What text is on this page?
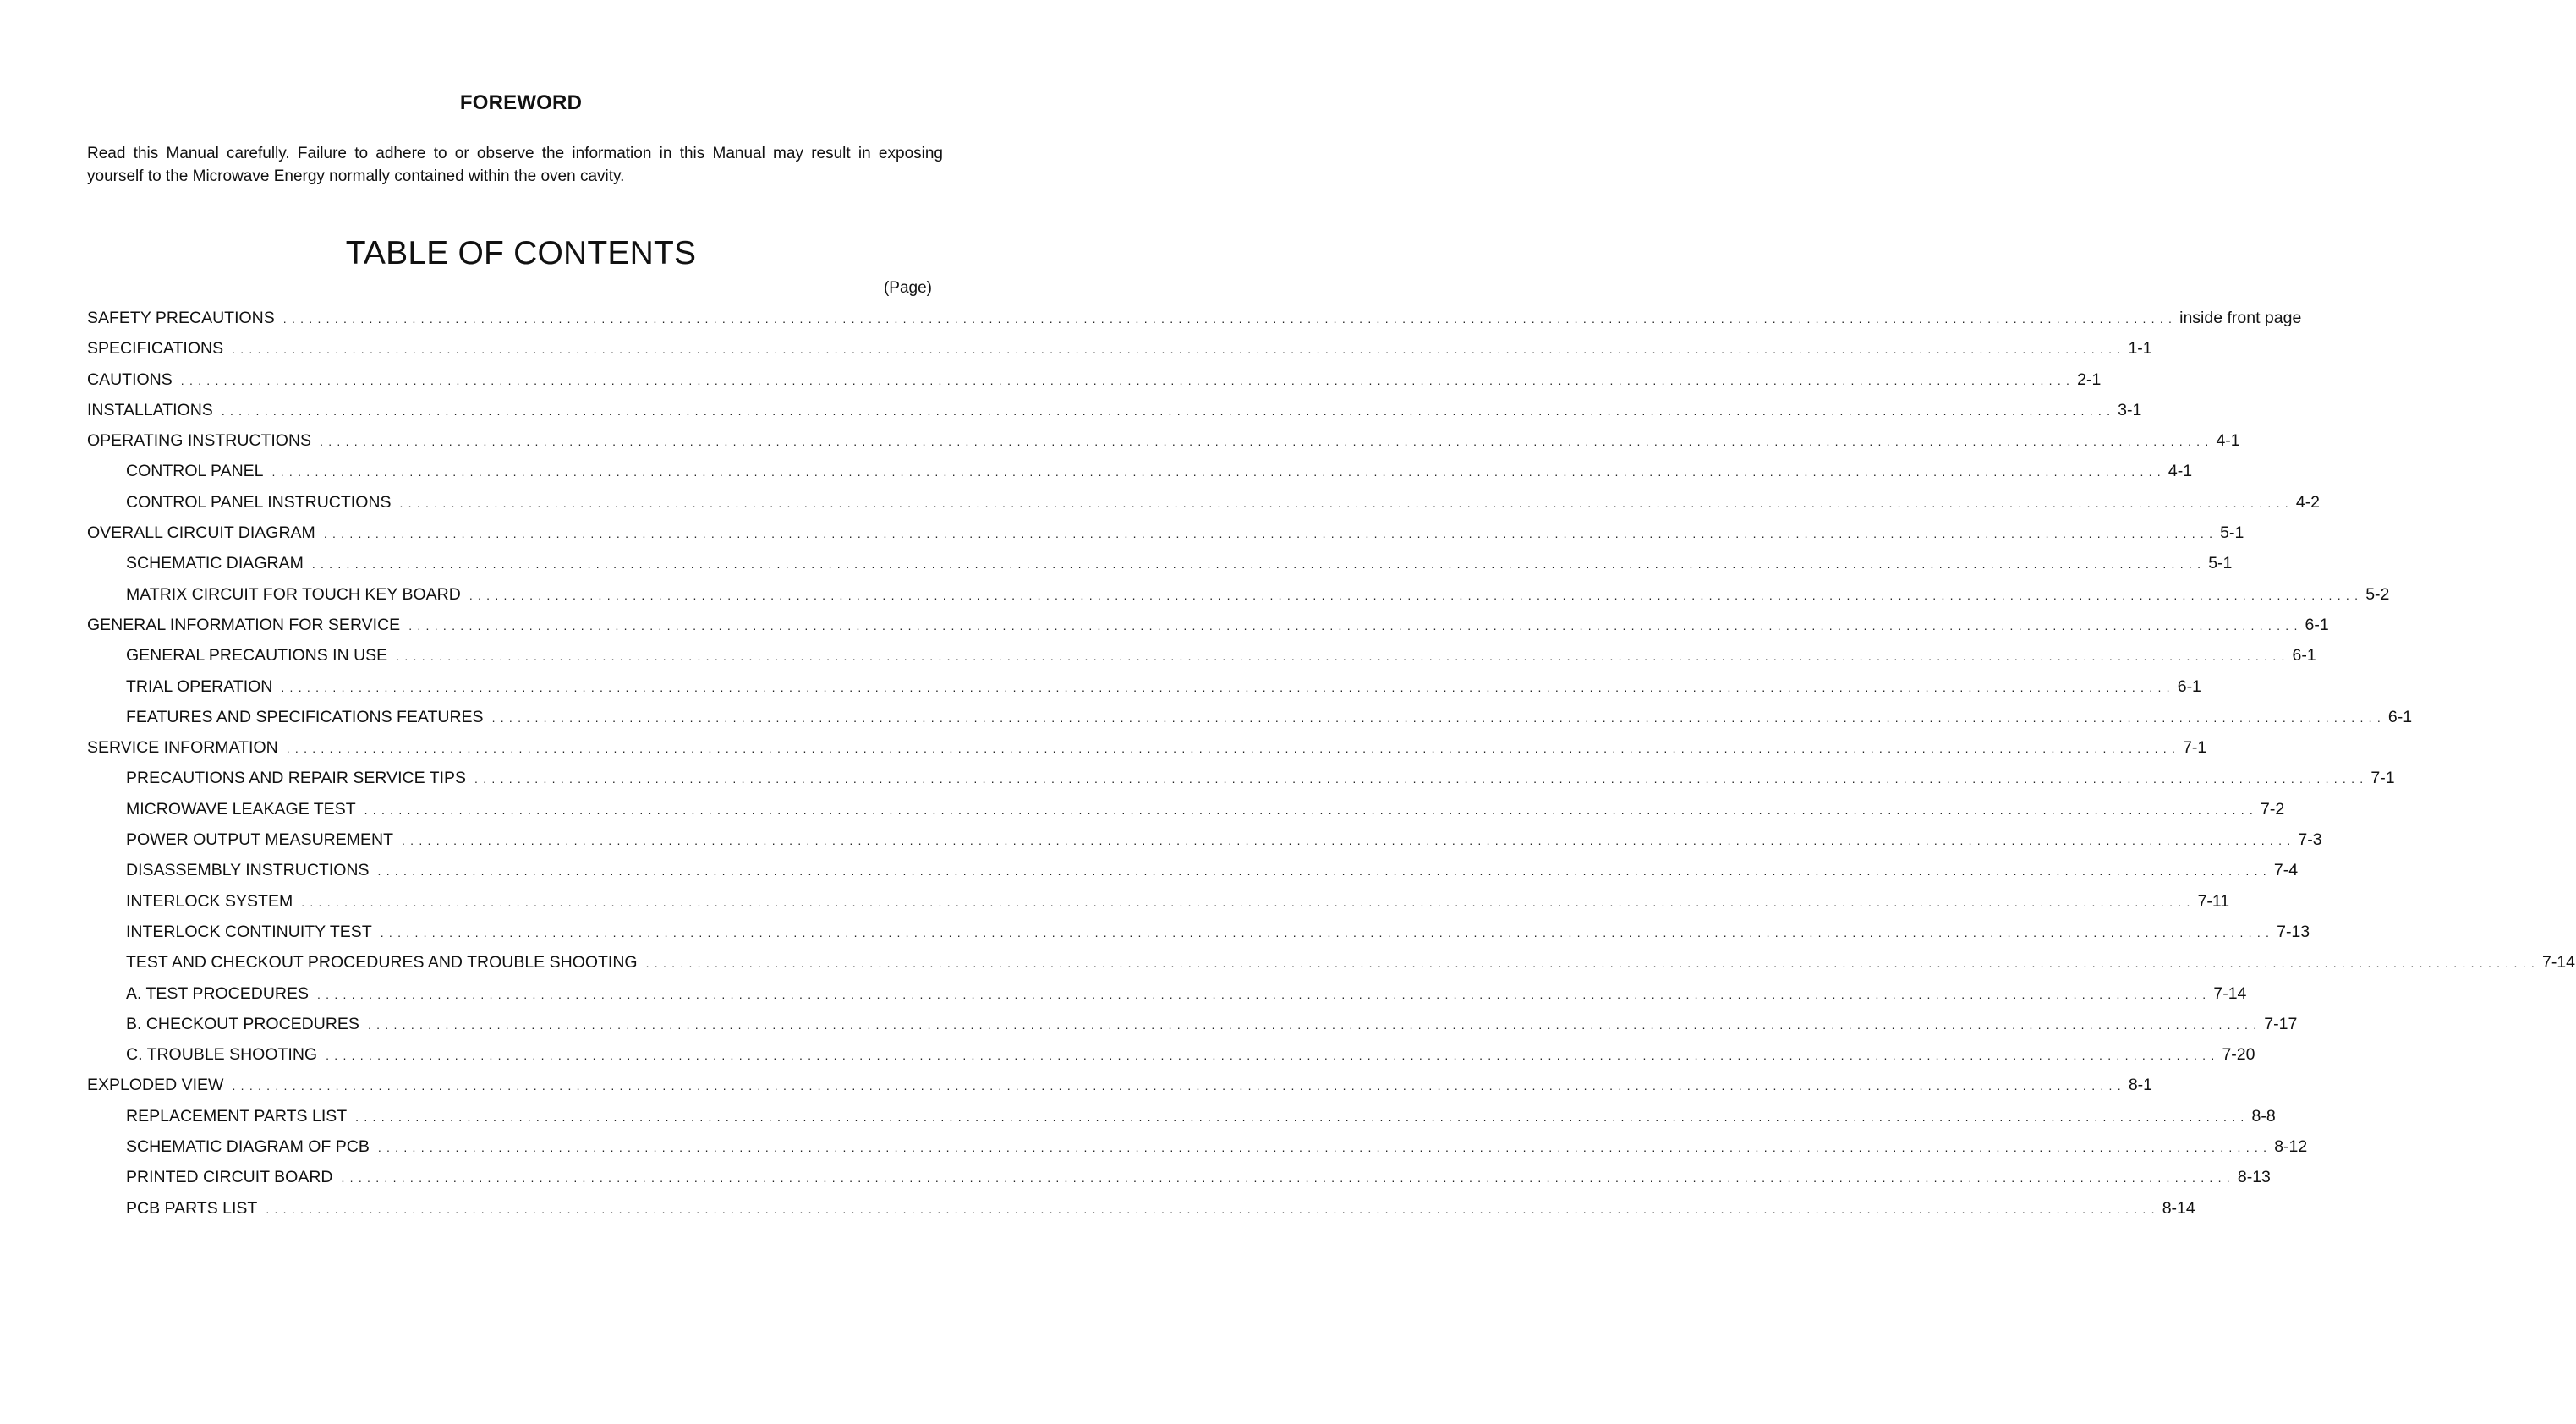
FOREWORD
Read this Manual carefully. Failure to adhere to or observe the information in this Manual may result in exposing yourself to the Microwave Energy normally contained within the oven cavity.
TABLE OF CONTENTS
(Page)
SAFETY PRECAUTIONS . . . . . . . . . . . . . . . . . . . . . . . . . . . . . . . . . . . . . . . . . . . . . . . . . . . . . . . . . . . . . . . . . . . . . . . . . . . . . . . . . . . . . . . . . . . . . . . . . . . . . . . . . . . . . . . . . . . . . . . . . . . . . . . . . . . . . . . . . . . . . . . . . . . . . . . . . . . . . . . . . . . . . . . . . . . . . . . . . . . . . . . . . . . . . . . . . . . . . . . . . . . . . . . . . . . . . . . . . . . . inside front page
SPECIFICATIONS . . . . . . . . . . . . . . . . . . . . . . . . . . . . . . . . . . . . . . . . . . . . . . . . . . . . . . . . . . . . . . . . . . . . . . . . . . . . . . . . . . . . . . . . . . . . . . . . . . . . . . . . . . . . . . . . . . . . . . . . . . . . . . . . . . . . . . . . . . . . . . . . . . . . . . . . . . . . . . . . . . . . . . . . . . . . . . . . . . . . . . . . . . . . . . . . . . . . . . . . . . . . . . . . . . . . . . . . . . . . 1-1
CAUTIONS . . . . . . . . . . . . . . . . . . . . . . . . . . . . . . . . . . . . . . . . . . . . . . . . . . . . . . . . . . . . . . . . . . . . . . . . . . . . . . . . . . . . . . . . . . . . . . . . . . . . . . . . . . . . . . . . . . . . . . . . . . . . . . . . . . . . . . . . . . . . . . . . . . . . . . . . . . . . . . . . . . . . . . . . . . . . . . . . . . . . . . . . . . . . . . . . . . . . . . . . . . . . . . . . . . . . . . . . . . . . 2-1
INSTALLATIONS . . . . . . . . . . . . . . . . . . . . . . . . . . . . . . . . . . . . . . . . . . . . . . . . . . . . . . . . . . . . . . . . . . . . . . . . . . . . . . . . . . . . . . . . . . . . . . . . . . . . . . . . . . . . . . . . . . . . . . . . . . . . . . . . . . . . . . . . . . . . . . . . . . . . . . . . . . . . . . . . . . . . . . . . . . . . . . . . . . . . . . . . . . . . . . . . . . . . . . . . . . . . . . . . . . . . . . . . . . . . 3-1
OPERATING INSTRUCTIONS . . . . . . . . . . . . . . . . . . . . . . . . . . . . . . . . . . . . . . . . . . . . . . . . . . . . . . . . . . . . . . . . . . . . . . . . . . . . . . . . . . . . . . . . . . . . . . . . . . . . . . . . . . . . . . . . . . . . . . . . . . . . . . . . . . . . . . . . . . . . . . . . . . . . . . . . . . . . . . . . . . . . . . . . . . . . . . . . . . . . . . . . . . . . . . . . . . . . . . . . . . . . . . . . . . . . . . . . . . . . 4-1
CONTROL PANEL . . . . . . . . . . . . . . . . . . . . . . . . . . . . . . . . . . . . . . . . . . . . . . . . . . . . . . . . . . . . . . . . . . . . . . . . . . . . . . . . . . . . . . . . . . . . . . . . . . . . . . . . . . . . . . . . . . . . . . . . . . . . . . . . . . . . . . . . . . . . . . . . . . . . . . . . . . . . . . . . . . . . . . . . . . . . . . . . . . . . . . . . . . . . . . . . . . . . . . . . . . . . . . . . . . . . . . . . . . . . 4-1
CONTROL PANEL INSTRUCTIONS . . . . . . . . . . . . . . . . . . . . . . . . . . . . . . . . . . . . . . . . . . . . . . . . . . . . . . . . . . . . . . . . . . . . . . . . . . . . . . . . . . . . . . . . . . . . . . . . . . . . . . . . . . . . . . . . . . . . . . . . . . . . . . . . . . . . . . . . . . . . . . . . . . . . . . . . . . . . . . . . . . . . . . . . . . . . . . . . . . . . . . . . . . . . . . . . . . . . . . . . . . . . . . . . . . . . . . . . . . . . 4-2
OVERALL CIRCUIT DIAGRAM . . . . . . . . . . . . . . . . . . . . . . . . . . . . . . . . . . . . . . . . . . . . . . . . . . . . . . . . . . . . . . . . . . . . . . . . . . . . . . . . . . . . . . . . . . . . . . . . . . . . . . . . . . . . . . . . . . . . . . . . . . . . . . . . . . . . . . . . . . . . . . . . . . . . . . . . . . . . . . . . . . . . . . . . . . . . . . . . . . . . . . . . . . . . . . . . . . . . . . . . . . . . . . . . . . . . . . . . . . . . 5-1
SCHEMATIC DIAGRAM . . . . . . . . . . . . . . . . . . . . . . . . . . . . . . . . . . . . . . . . . . . . . . . . . . . . . . . . . . . . . . . . . . . . . . . . . . . . . . . . . . . . . . . . . . . . . . . . . . . . . . . . . . . . . . . . . . . . . . . . . . . . . . . . . . . . . . . . . . . . . . . . . . . . . . . . . . . . . . . . . . . . . . . . . . . . . . . . . . . . . . . . . . . . . . . . . . . . . . . . . . . . . . . . . . . . . . . . . . . . 5-1
MATRIX CIRCUIT FOR TOUCH KEY BOARD . . . . . . . . . . . . . . . . . . . . . . . . . . . . . . . . . . . . . . . . . . . . . . . . . . . . . . . . . . . . . . . . . . . . . . . . . . . . . . . . . . . . . . . . . . . . . . . . . . . . . . . . . . . . . . . . . . . . . . . . . . . . . . . . . . . . . . . . . . . . . . . . . . . . . . . . . . . . . . . . . . . . . . . . . . . . . . . . . . . . . . . . . . . . . . . . . . . . . . . . . . . . . . . . . . . . . . . . . . . . 5-2
GENERAL INFORMATION FOR SERVICE . . . . . . . . . . . . . . . . . . . . . . . . . . . . . . . . . . . . . . . . . . . . . . . . . . . . . . . . . . . . . . . . . . . . . . . . . . . . . . . . . . . . . . . . . . . . . . . . . . . . . . . . . . . . . . . . . . . . . . . . . . . . . . . . . . . . . . . . . . . . . . . . . . . . . . . . . . . . . . . . . . . . . . . . . . . . . . . . . . . . . . . . . . . . . . . . . . . . . . . . . . . . . . . . . . . . . . . . . . . . 6-1
GENERAL PRECAUTIONS IN USE . . . . . . . . . . . . . . . . . . . . . . . . . . . . . . . . . . . . . . . . . . . . . . . . . . . . . . . . . . . . . . . . . . . . . . . . . . . . . . . . . . . . . . . . . . . . . . . . . . . . . . . . . . . . . . . . . . . . . . . . . . . . . . . . . . . . . . . . . . . . . . . . . . . . . . . . . . . . . . . . . . . . . . . . . . . . . . . . . . . . . . . . . . . . . . . . . . . . . . . . . . . . . . . . . . . . . . . . . . . . 6-1
TRIAL OPERATION . . . . . . . . . . . . . . . . . . . . . . . . . . . . . . . . . . . . . . . . . . . . . . . . . . . . . . . . . . . . . . . . . . . . . . . . . . . . . . . . . . . . . . . . . . . . . . . . . . . . . . . . . . . . . . . . . . . . . . . . . . . . . . . . . . . . . . . . . . . . . . . . . . . . . . . . . . . . . . . . . . . . . . . . . . . . . . . . . . . . . . . . . . . . . . . . . . . . . . . . . . . . . . . . . . . . . . . . . . . . 6-1
FEATURES AND SPECIFICATIONS FEATURES . . . . . . . . . . . . . . . . . . . . . . . . . . . . . . . . . . . . . . . . . . . . . . . . . . . . . . . . . . . . . . . . . . . . . . . . . . . . . . . . . . . . . . . . . . . . . . . . . . . . . . . . . . . . . . . . . . . . . . . . . . . . . . . . . . . . . . . . . . . . . . . . . . . . . . . . . . . . . . . . . . . . . . . . . . . . . . . . . . . . . . . . . . . . . . . . . . . . . . . . . . . . . . . . . . . . . . . . . . . . 6-1
SERVICE INFORMATION . . . . . . . . . . . . . . . . . . . . . . . . . . . . . . . . . . . . . . . . . . . . . . . . . . . . . . . . . . . . . . . . . . . . . . . . . . . . . . . . . . . . . . . . . . . . . . . . . . . . . . . . . . . . . . . . . . . . . . . . . . . . . . . . . . . . . . . . . . . . . . . . . . . . . . . . . . . . . . . . . . . . . . . . . . . . . . . . . . . . . . . . . . . . . . . . . . . . . . . . . . . . . . . . . . . . . . . . . . . . 7-1
PRECAUTIONS AND REPAIR SERVICE TIPS . . . . . . . . . . . . . . . . . . . . . . . . . . . . . . . . . . . . . . . . . . . . . . . . . . . . . . . . . . . . . . . . . . . . . . . . . . . . . . . . . . . . . . . . . . . . . . . . . . . . . . . . . . . . . . . . . . . . . . . . . . . . . . . . . . . . . . . . . . . . . . . . . . . . . . . . . . . . . . . . . . . . . . . . . . . . . . . . . . . . . . . . . . . . . . . . . . . . . . . . . . . . . . . . . . . . . . . . . . . . 7-1
MICROWAVE LEAKAGE TEST . . . . . . . . . . . . . . . . . . . . . . . . . . . . . . . . . . . . . . . . . . . . . . . . . . . . . . . . . . . . . . . . . . . . . . . . . . . . . . . . . . . . . . . . . . . . . . . . . . . . . . . . . . . . . . . . . . . . . . . . . . . . . . . . . . . . . . . . . . . . . . . . . . . . . . . . . . . . . . . . . . . . . . . . . . . . . . . . . . . . . . . . . . . . . . . . . . . . . . . . . . . . . . . . . . . . . . . . . . . . 7-2
POWER OUTPUT MEASUREMENT . . . . . . . . . . . . . . . . . . . . . . . . . . . . . . . . . . . . . . . . . . . . . . . . . . . . . . . . . . . . . . . . . . . . . . . . . . . . . . . . . . . . . . . . . . . . . . . . . . . . . . . . . . . . . . . . . . . . . . . . . . . . . . . . . . . . . . . . . . . . . . . . . . . . . . . . . . . . . . . . . . . . . . . . . . . . . . . . . . . . . . . . . . . . . . . . . . . . . . . . . . . . . . . . . . . . . . . . . . . . 7-3
DISASSEMBLY INSTRUCTIONS . . . . . . . . . . . . . . . . . . . . . . . . . . . . . . . . . . . . . . . . . . . . . . . . . . . . . . . . . . . . . . . . . . . . . . . . . . . . . . . . . . . . . . . . . . . . . . . . . . . . . . . . . . . . . . . . . . . . . . . . . . . . . . . . . . . . . . . . . . . . . . . . . . . . . . . . . . . . . . . . . . . . . . . . . . . . . . . . . . . . . . . . . . . . . . . . . . . . . . . . . . . . . . . . . . . . . . . . . . . . 7-4
INTERLOCK SYSTEM . . . . . . . . . . . . . . . . . . . . . . . . . . . . . . . . . . . . . . . . . . . . . . . . . . . . . . . . . . . . . . . . . . . . . . . . . . . . . . . . . . . . . . . . . . . . . . . . . . . . . . . . . . . . . . . . . . . . . . . . . . . . . . . . . . . . . . . . . . . . . . . . . . . . . . . . . . . . . . . . . . . . . . . . . . . . . . . . . . . . . . . . . . . . . . . . . . . . . . . . . . . . . . . . . . . . . . . . . . . . 7-11
INTERLOCK CONTINUITY TEST . . . . . . . . . . . . . . . . . . . . . . . . . . . . . . . . . . . . . . . . . . . . . . . . . . . . . . . . . . . . . . . . . . . . . . . . . . . . . . . . . . . . . . . . . . . . . . . . . . . . . . . . . . . . . . . . . . . . . . . . . . . . . . . . . . . . . . . . . . . . . . . . . . . . . . . . . . . . . . . . . . . . . . . . . . . . . . . . . . . . . . . . . . . . . . . . . . . . . . . . . . . . . . . . . . . . . . . . . . . . 7-13
TEST AND CHECKOUT PROCEDURES AND TROUBLE SHOOTING . . . . . . . . . . . . . . . . . . . . . . . . . . . . . . . . . . . . . . . . . . . . . . . . . . . . . . . . . . . . . . . . . . . . . . . . . . . . . . . . . . . . . . . . . . . . . . . . . . . . . . . . . . . . . . . . . . . . . . . . . . . . . . . . . . . . . . . . . . . . . . . . . . . . . . . . . . . . . . . . . . . . . . . . . . . . . . . . . . . . . . . . . . . . . . . . . . . . . . . . . . . . . . . . . . . . . . . . . . . . 7-14
A. TEST PROCEDURES . . . . . . . . . . . . . . . . . . . . . . . . . . . . . . . . . . . . . . . . . . . . . . . . . . . . . . . . . . . . . . . . . . . . . . . . . . . . . . . . . . . . . . . . . . . . . . . . . . . . . . . . . . . . . . . . . . . . . . . . . . . . . . . . . . . . . . . . . . . . . . . . . . . . . . . . . . . . . . . . . . . . . . . . . . . . . . . . . . . . . . . . . . . . . . . . . . . . . . . . . . . . . . . . . . . . . . . . . . . . 7-14
B. CHECKOUT PROCEDURES . . . . . . . . . . . . . . . . . . . . . . . . . . . . . . . . . . . . . . . . . . . . . . . . . . . . . . . . . . . . . . . . . . . . . . . . . . . . . . . . . . . . . . . . . . . . . . . . . . . . . . . . . . . . . . . . . . . . . . . . . . . . . . . . . . . . . . . . . . . . . . . . . . . . . . . . . . . . . . . . . . . . . . . . . . . . . . . . . . . . . . . . . . . . . . . . . . . . . . . . . . . . . . . . . . . . . . . . . . . . 7-17
C. TROUBLE SHOOTING . . . . . . . . . . . . . . . . . . . . . . . . . . . . . . . . . . . . . . . . . . . . . . . . . . . . . . . . . . . . . . . . . . . . . . . . . . . . . . . . . . . . . . . . . . . . . . . . . . . . . . . . . . . . . . . . . . . . . . . . . . . . . . . . . . . . . . . . . . . . . . . . . . . . . . . . . . . . . . . . . . . . . . . . . . . . . . . . . . . . . . . . . . . . . . . . . . . . . . . . . . . . . . . . . . . . . . . . . . . . 7-20
EXPLODED VIEW . . . . . . . . . . . . . . . . . . . . . . . . . . . . . . . . . . . . . . . . . . . . . . . . . . . . . . . . . . . . . . . . . . . . . . . . . . . . . . . . . . . . . . . . . . . . . . . . . . . . . . . . . . . . . . . . . . . . . . . . . . . . . . . . . . . . . . . . . . . . . . . . . . . . . . . . . . . . . . . . . . . . . . . . . . . . . . . . . . . . . . . . . . . . . . . . . . . . . . . . . . . . . . . . . . . . . . . . . . . . 8-1
REPLACEMENT PARTS LIST . . . . . . . . . . . . . . . . . . . . . . . . . . . . . . . . . . . . . . . . . . . . . . . . . . . . . . . . . . . . . . . . . . . . . . . . . . . . . . . . . . . . . . . . . . . . . . . . . . . . . . . . . . . . . . . . . . . . . . . . . . . . . . . . . . . . . . . . . . . . . . . . . . . . . . . . . . . . . . . . . . . . . . . . . . . . . . . . . . . . . . . . . . . . . . . . . . . . . . . . . . . . . . . . . . . . . . . . . . . . 8-8
SCHEMATIC DIAGRAM OF PCB . . . . . . . . . . . . . . . . . . . . . . . . . . . . . . . . . . . . . . . . . . . . . . . . . . . . . . . . . . . . . . . . . . . . . . . . . . . . . . . . . . . . . . . . . . . . . . . . . . . . . . . . . . . . . . . . . . . . . . . . . . . . . . . . . . . . . . . . . . . . . . . . . . . . . . . . . . . . . . . . . . . . . . . . . . . . . . . . . . . . . . . . . . . . . . . . . . . . . . . . . . . . . . . . . . . . . . . . . . . . 8-12
PRINTED CIRCUIT BOARD . . . . . . . . . . . . . . . . . . . . . . . . . . . . . . . . . . . . . . . . . . . . . . . . . . . . . . . . . . . . . . . . . . . . . . . . . . . . . . . . . . . . . . . . . . . . . . . . . . . . . . . . . . . . . . . . . . . . . . . . . . . . . . . . . . . . . . . . . . . . . . . . . . . . . . . . . . . . . . . . . . . . . . . . . . . . . . . . . . . . . . . . . . . . . . . . . . . . . . . . . . . . . . . . . . . . . . . . . . . . 8-13
PCB PARTS LIST . . . . . . . . . . . . . . . . . . . . . . . . . . . . . . . . . . . . . . . . . . . . . . . . . . . . . . . . . . . . . . . . . . . . . . . . . . . . . . . . . . . . . . . . . . . . . . . . . . . . . . . . . . . . . . . . . . . . . . . . . . . . . . . . . . . . . . . . . . . . . . . . . . . . . . . . . . . . . . . . . . . . . . . . . . . . . . . . . . . . . . . . . . . . . . . . . . . . . . . . . . . . . . . . . . . . . . . . . . . . 8-14
